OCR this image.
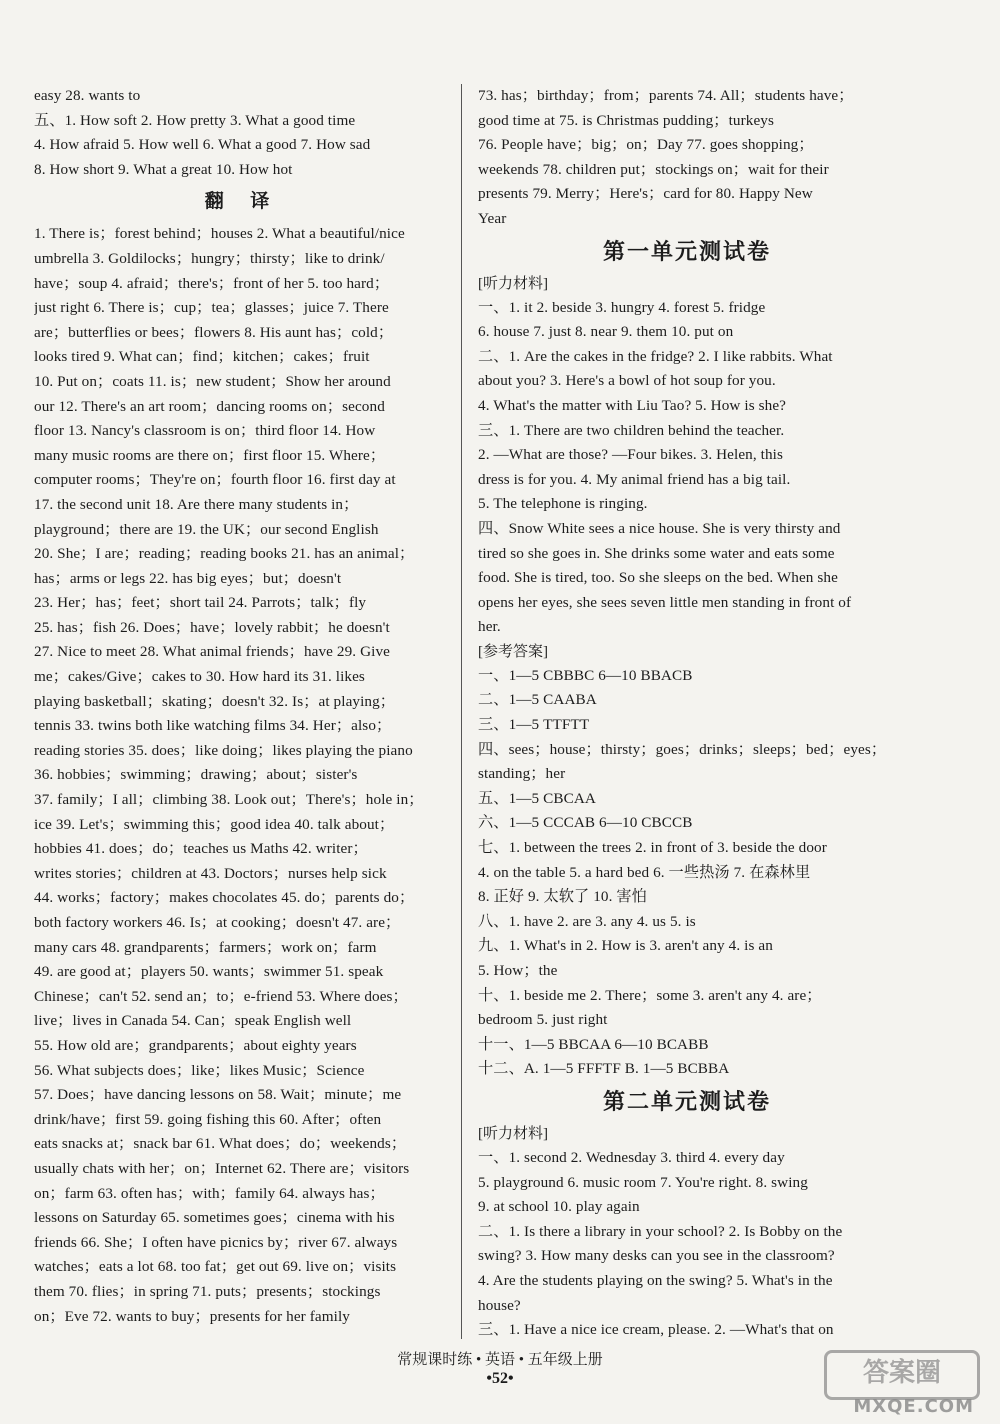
easy 28. wants to
五、1. How soft 2. How pretty 3. What a good time
4. How afraid 5. How well 6. What a good 7. How sad
8. How short 9. What a great 10. How hot
翻 译
1. There is；forest behind；houses 2. What a beautiful/nice
umbrella 3. Goldilocks；hungry；thirsty；like to drink/
have；soup 4. afraid；there's；front of her 5. too hard；
just right 6. There is；cup；tea；glasses；juice 7. There
are；butterflies or bees；flowers 8. His aunt has；cold；
looks tired 9. What can；find；kitchen；cakes；fruit
10. Put on；coats 11. is；new student；Show her around
our 12. There's an art room；dancing rooms on；second
floor 13. Nancy's classroom is on；third floor 14. How
many music rooms are there on；first floor 15. Where；
computer rooms；They're on；fourth floor 16. first day at
17. the second unit 18. Are there many students in；
playground；there are 19. the UK；our second English
20. She；I are；reading；reading books 21. has an animal；
has；arms or legs 22. has big eyes；but；doesn't
23. Her；has；feet；short tail 24. Parrots；talk；fly
25. has；fish 26. Does；have；lovely rabbit；he doesn't
27. Nice to meet 28. What animal friends；have 29. Give
me；cakes/Give；cakes to 30. How hard its 31. likes
playing basketball；skating；doesn't 32. Is；at playing；
tennis 33. twins both like watching films 34. Her；also；
reading stories 35. does；like doing；likes playing the piano
36. hobbies；swimming；drawing；about；sister's
37. family；I all；climbing 38. Look out；There's；hole in；
ice 39. Let's；swimming this；good idea 40. talk about；
hobbies 41. does；do；teaches us Maths 42. writer；
writes stories；children at 43. Doctors；nurses help sick
44. works；factory；makes chocolates 45. do；parents do；
both factory workers 46. Is；at cooking；doesn't 47. are；
many cars 48. grandparents；farmers；work on；farm
49. are good at；players 50. wants；swimmer 51. speak
Chinese；can't 52. send an；to；e-friend 53. Where does；
live；lives in Canada 54. Can；speak English well
55. How old are；grandparents；about eighty years
56. What subjects does；like；likes Music；Science
57. Does；have dancing lessons on 58. Wait；minute；me
drink/have；first 59. going fishing this 60. After；often
eats snacks at；snack bar 61. What does；do；weekends；
usually chats with her；on；Internet 62. There are；visitors
on；farm 63. often has；with；family 64. always has；
lessons on Saturday 65. sometimes goes；cinema with his
friends 66. She；I often have picnics by；river 67. always
watches；eats a lot 68. too fat；get out 69. live on；visits
them 70. flies；in spring 71. puts；presents；stockings
on；Eve 72. wants to buy；presents for her family
73. has；birthday；from；parents 74. All；students have；
good time at 75. is Christmas pudding；turkeys
76. People have；big；on；Day 77. goes shopping；
weekends 78. children put；stockings on；wait for their
presents 79. Merry；Here's；card for 80. Happy New
Year
第一单元测试卷
[听力材料]
一、1. it 2. beside 3. hungry 4. forest 5. fridge
6. house 7. just 8. near 9. them 10. put on
二、1. Are the cakes in the fridge? 2. I like rabbits. What
about you? 3. Here's a bowl of hot soup for you.
4. What's the matter with Liu Tao? 5. How is she?
三、1. There are two children behind the teacher.
2. —What are those? —Four bikes. 3. Helen, this
dress is for you. 4. My animal friend has a big tail.
5. The telephone is ringing.
四、Snow White sees a nice house. She is very thirsty and
tired so she goes in. She drinks some water and eats some
food. She is tired, too. So she sleeps on the bed. When she
opens her eyes, she sees seven little men standing in front of
her.
[参考答案]
一、1—5 CBBBC 6—10 BBACB
二、1—5 CAABA
三、1—5 TTFTT
四、sees；house；thirsty；goes；drinks；sleeps；bed；eyes；
standing；her
五、1—5 CBCAA
六、1—5 CCCAB 6—10 CBCCB
七、1. between the trees 2. in front of 3. beside the door
4. on the table 5. a hard bed 6. 一些热汤 7. 在森林里
8. 正好 9. 太软了 10. 害怕
八、1. have 2. are 3. any 4. us 5. is
九、1. What's in 2. How is 3. aren't any 4. is an
5. How；the
十、1. beside me 2. There；some 3. aren't any 4. are；
bedroom 5. just right
十一、1—5 BBCAA 6—10 BCABB
十二、A. 1—5 FFFTF B. 1—5 BCBBA
第二单元测试卷
[听力材料]
一、1. second 2. Wednesday 3. third 4. every day
5. playground 6. music room 7. You're right. 8. swing
9. at school 10. play again
二、1. Is there a library in your school? 2. Is Bobby on the
swing? 3. How many desks can you see in the classroom?
4. Are the students playing on the swing? 5. What's in the
house?
三、1. Have a nice ice cream, please. 2. —What's that on
常规课时练 • 英语 • 五年级上册
•52•	答案圈
MXQE.COM
